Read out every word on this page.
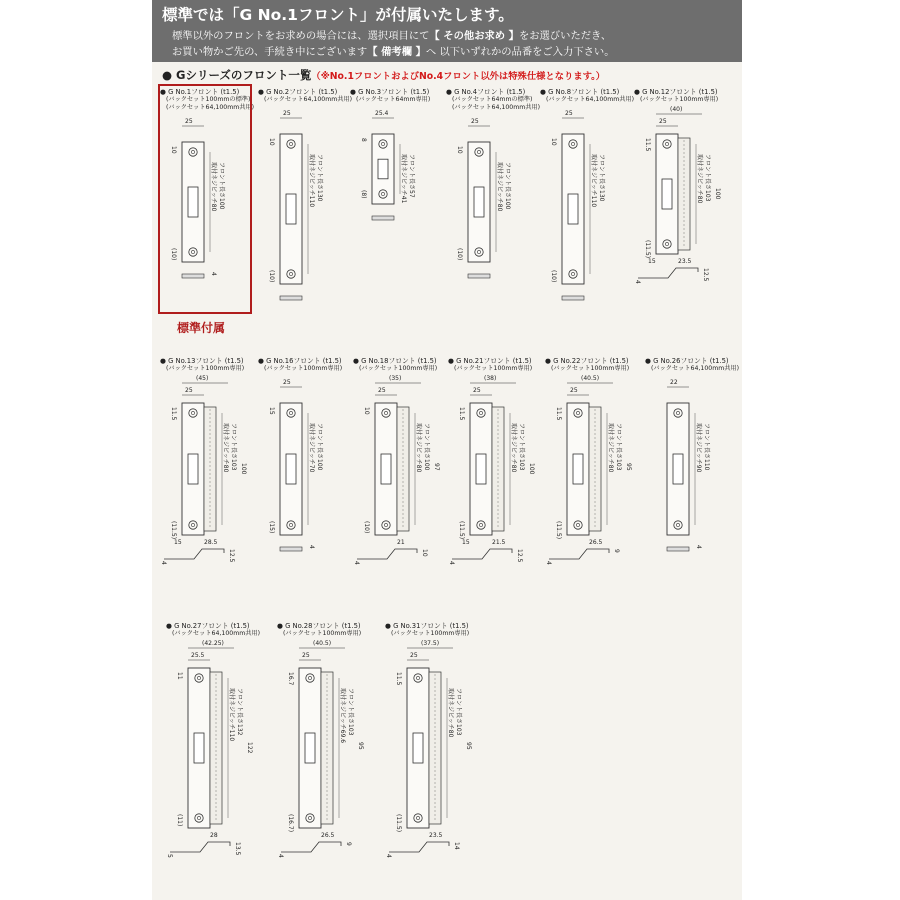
標準では「G No.1フロント」が付属いたします。
標準以外のフロントをお求めの場合には、選択項目にて【 その他お求め 】をお選びいただき、
お買い物かご先の、手続き中にございます【 備考欄 】へ 以下いずれかの品番をご入力下さい。
● Gシリーズのフロント一覧（※No.1フロントおよびNo.4フロント以外は特殊仕様となります。）
● G No.1フロント (t1.5)
(バックセット100mmの標準)
(バックセット64,100mm共用)
25
10
(10)
取付ネジピッチ80 フロント長さ100
4
● G No.2フロント (t1.5)
(バックセット64,100mm共用)
25
10
(10)
取付ネジピッチ110 フロント長さ130
● G No.3フロント (t1.5)
(バックセット64mm専用)
25.4
8
(8)	取付ネジピッチ41 フロント長さ57
● G No.4フロント (t1.5)
(バックセット64mmの標準)
(バックセット64,100mm共用)
25
10
(10)
取付ネジピッチ80 フロント長さ100
● G No.8フロント (t1.5)
(バックセット64,100mm共用)
25
10
(10)
取付ネジピッチ110 フロント長さ130
● G No.12フロント (t1.5)
(バックセット100mm専用)
25
(40)
11.5
(11.5)
取付ネジピッチ80 フロント長さ103 100
15	23.5
12.5
4
● G No.13フロント (t1.5)
(バックセット100mm専用)
25
(45)
11.5
(11.5)
取付ネジピッチ80 フロント長さ103 100
15	28.5
12.5
4
● G No.16フロント (t1.5)
(バックセット100mm専用)
25
15
(15)
取付ネジピッチ70 フロント長さ100
4
● G No.18フロント (t1.5)
(バックセット100mm専用)
25
(35)
10
(10)
取付ネジピッチ80 フロント長さ100 97
21
10
4
● G No.21フロント (t1.5)
(バックセット100mm専用)
25
(38)
11.5
(11.5)
取付ネジピッチ80 フロント長さ103 100
15	21.5
12.5
4
● G No.22フロント (t1.5)
(バックセット100mm専用)
25
(40.5)
11.5
(11.5)
取付ネジピッチ80 フロント長さ103 95
26.5
9
4
● G No.26フロント (t1.5)
(バックセット64,100mm共用)
22
取付ネジピッチ90 フロント長さ110
4
● G No.27フロント (t1.5)
(バックセット64,100mm共用)
25.5
(42.25)
11
(11)
取付ネジピッチ110 フロント長さ132
122
28
13.5
5
● G No.28フロント (t1.5)
(バックセット100mm専用)
25
(40.5)
16.7
(16.7)
取付ネジピッチ69.6 フロント長さ103
95
26.5
9
4
● G No.31フロント (t1.5)
(バックセット100mm専用)
25
(37.5)
11.5
(11.5)
取付ネジピッチ80 フロント長さ103
95
23.5
14
4
標準付属
